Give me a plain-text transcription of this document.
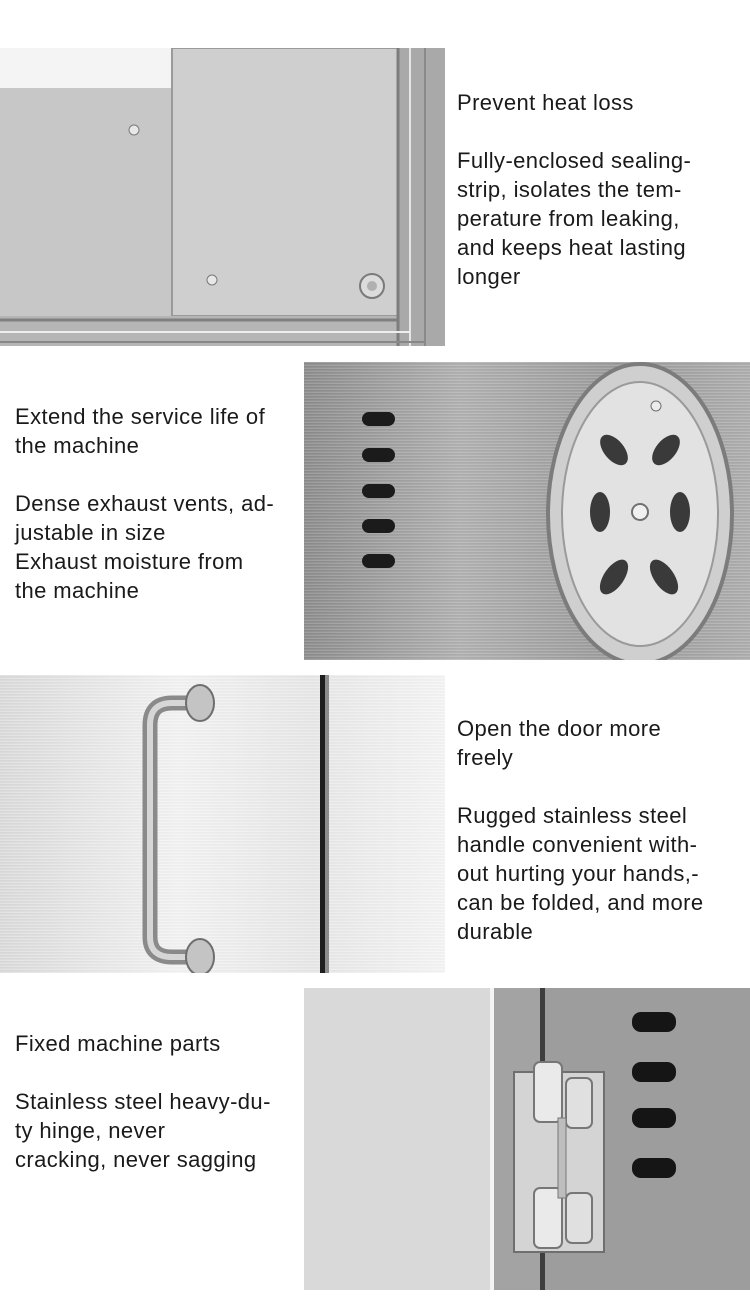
Prevent heat loss

Fully-enclosed sealing-
strip, isolates the tem-
perature from leaking,
and keeps heat lasting
longer

Extend the service life of
the machine

Dense exhaust vents, ad-
justable in size
Exhaust moisture from
the machine

Open the door more
freely

Rugged stainless steel
handle convenient with-
out hurting your hands,-
can be folded, and more
durable

Fixed machine parts

Stainless steel heavy-du-
ty hinge, never
cracking, never sagging
